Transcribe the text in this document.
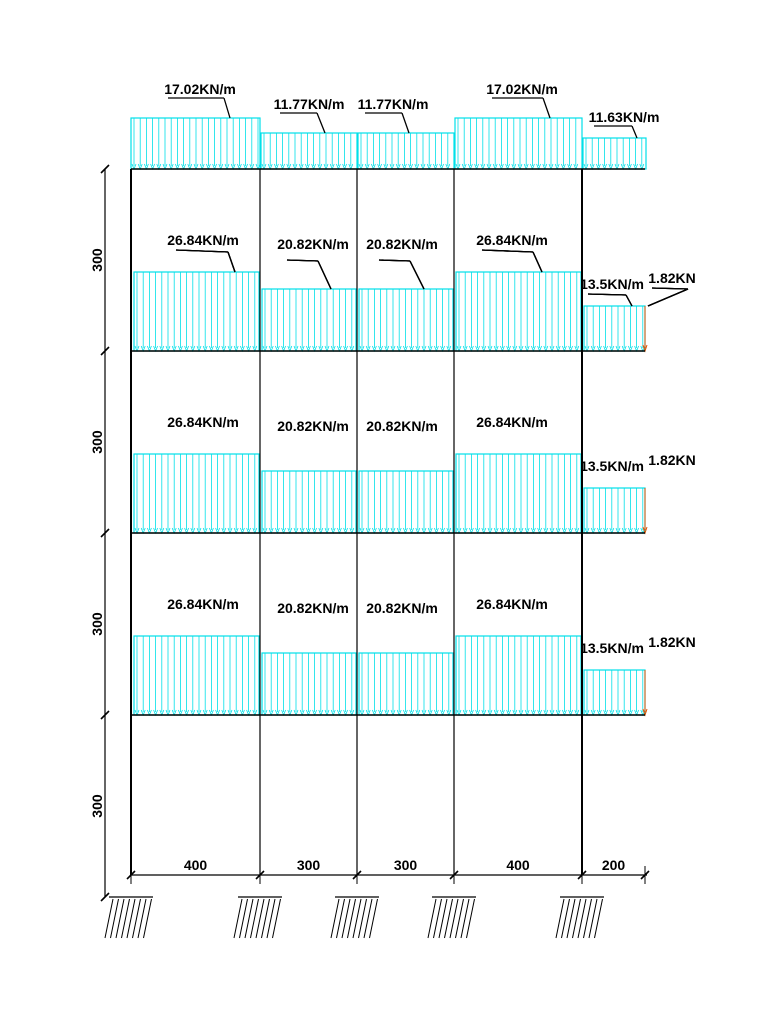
17.02KN/m
11.77KN/m 11.77KN/m
17.02KN/m
11.63KN/m
26.84KN/m	20.82KN/m 20.82KN/m	26.84KN/m
13.5KN/m 1.82KN
26.84KN/m	20.82KN/m 20.82KN/m	26.84KN/m
13.5KN/m 1.82KN
26.84KN/m	20.82KN/m 20.82KN/m	26.84KN/m
13.5KN/m 1.82KN
400	300	300	400	200
300
300
300
300
